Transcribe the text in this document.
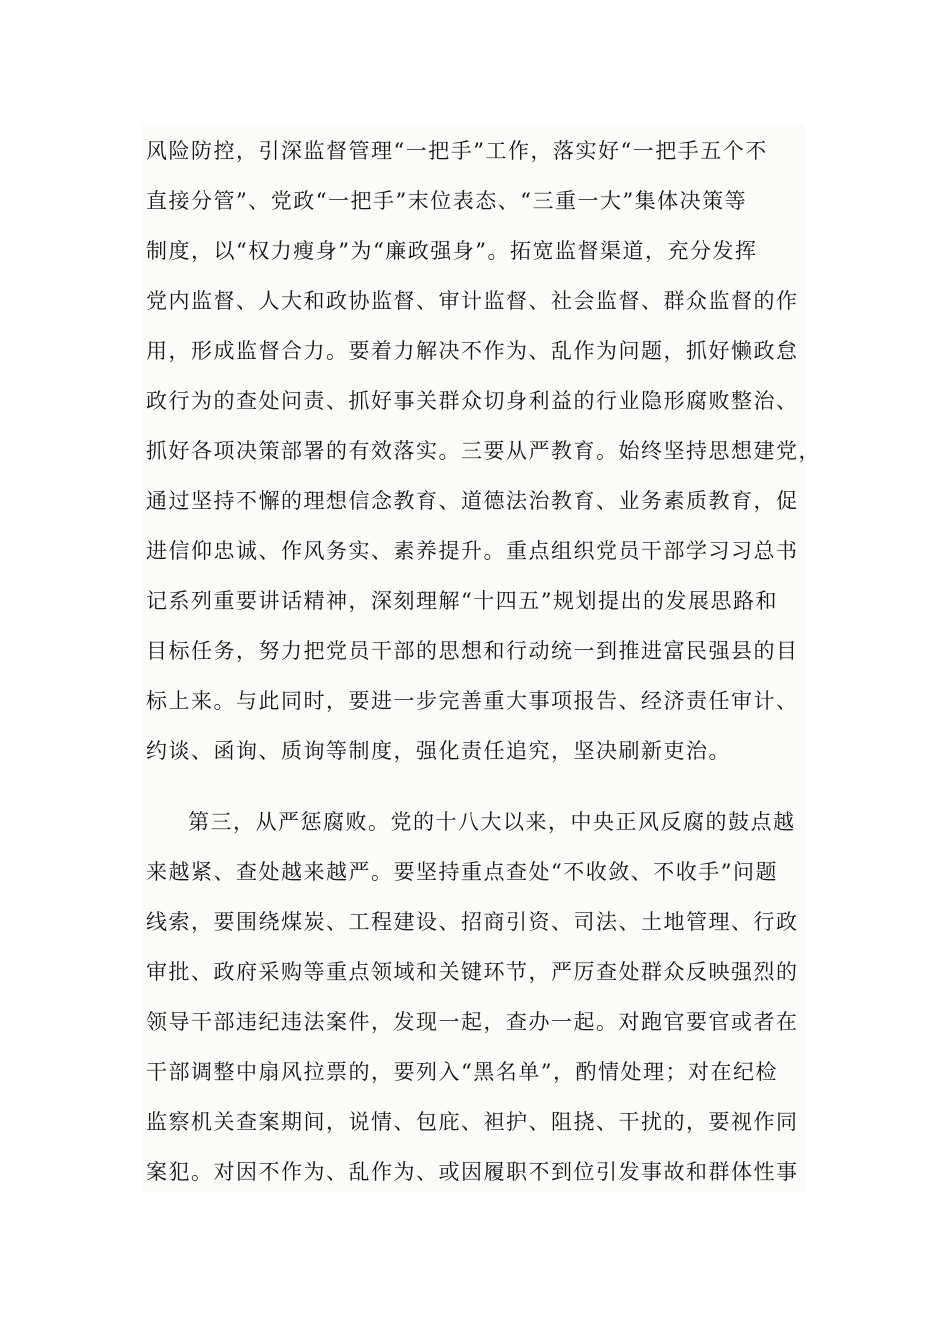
风险防控，引深监督管理“一把手”工作，落实好“一把手五个不
直接分管”、党政“一把手”末位表态、“三重一大”集体决策等
制度，以“权力瘦身”为“廉政强身”。拓宽监督渠道，充分发挥
党内监督、人大和政协监督、审计监督、社会监督、群众监督的作
用，形成监督合力。要着力解决不作为、乱作为问题，抓好懒政怠
政行为的查处问责、抓好事关群众切身利益的行业隐形腐败整治、
抓好各项决策部署的有效落实。三要从严教育。始终坚持思想建党，
通过坚持不懈的理想信念教育、道德法治教育、业务素质教育，促
进信仰忠诚、作风务实、素养提升。重点组织党员干部学习习总书
记系列重要讲话精神，深刻理解“十四五”规划提出的发展思路和
目标任务，努力把党员干部的思想和行动统一到推进富民强县的目
标上来。与此同时，要进一步完善重大事项报告、经济责任审计、
约谈、函询、质询等制度，强化责任追究，坚决刷新吏治。
第三，从严惩腐败。党的十八大以来，中央正风反腐的鼓点越
来越紧、查处越来越严。要坚持重点查处“不收敛、不收手”问题
线索，要围绕煤炭、工程建设、招商引资、司法、土地管理、行政
审批、政府采购等重点领域和关键环节，严厉查处群众反映强烈的
领导干部违纪违法案件，发现一起，查办一起。对跑官要官或者在
干部调整中扇风拉票的，要列入“黑名单”，酌情处理；对在纪检
监察机关查案期间，说情、包庇、袒护、阻挠、干扰的，要视作同
案犯。对因不作为、乱作为、或因履职不到位引发事故和群体性事
